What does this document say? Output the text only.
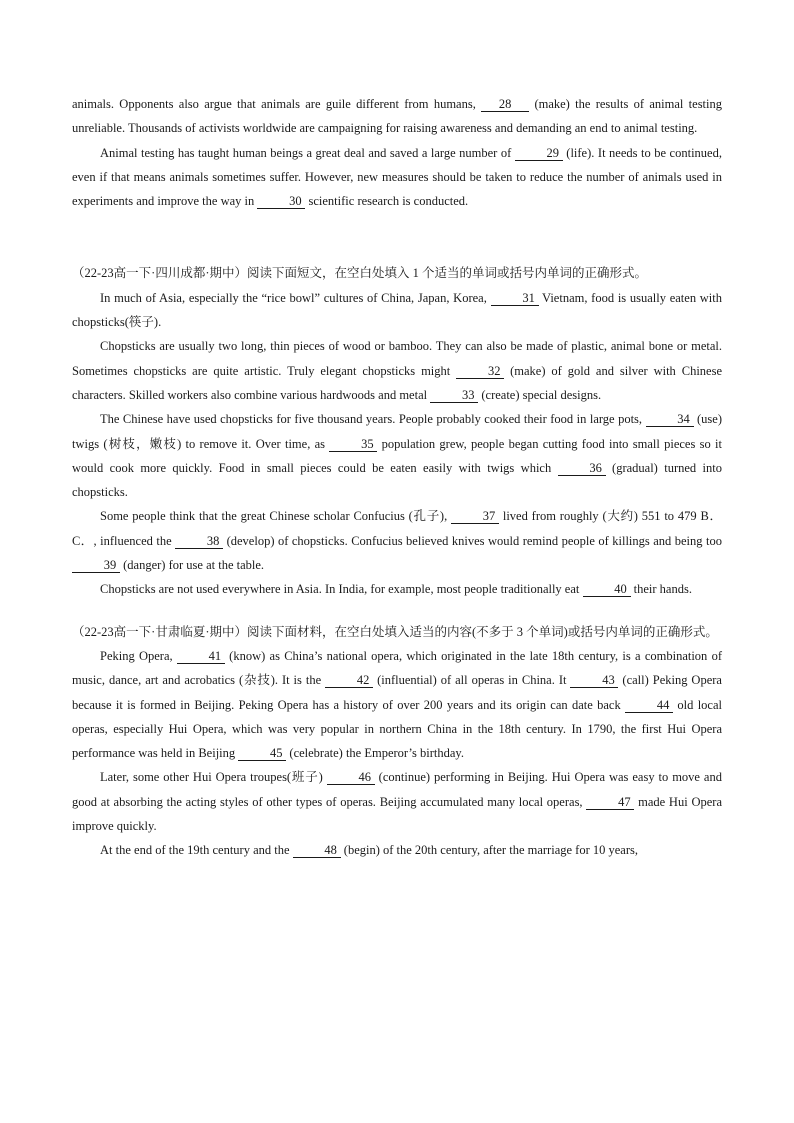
animals. Opponents also argue that animals are guile different from humans, 28 (make) the results of animal testing unreliable. Thousands of activists worldwide are campaigning for raising awareness and demanding an end to animal testing.

Animal testing has taught human beings a great deal and saved a large number of	29 (life). It needs to be continued, even if that means animals sometimes suffer. However, new measures should be taken to reduce the number of animals used in experiments and improve the way in	30 scientific research is conducted.

（22-23高一下·四川成都·期中）阅读下面短文，在空白处填入 1 个适当的单词或括号内单词的正确形式。

In much of Asia, especially the “rice bowl” cultures of China, Japan, Korea,	31 Vietnam, food is usually eaten with chopsticks(筷子).

Chopsticks are usually two long, thin pieces of wood or bamboo. They can also be made of plastic, animal bone or metal. Sometimes chopsticks are quite artistic. Truly elegant chopsticks might	32 (make) of gold and silver with Chinese characters. Skilled workers also combine various hardwoods and metal	33 (create) special designs.

The Chinese have used chopsticks for five thousand years. People probably cooked their food in large pots,	34 (use) twigs (树枝，嫩枝) to remove it. Over time, as	35 population grew, people began cutting food into small pieces so it would cook more quickly. Food in small pieces could be eaten easily with twigs which	36 (gradual) turned into chopsticks.

Some people think that the great Chinese scholar Confucius (孔子),	37 lived from roughly (大约) 551 to 479 B．C．, influenced the	38 (develop) of chopsticks. Confucius believed knives would remind people of killings and being too 39 (danger) for use at the table.

Chopsticks are not used everywhere in Asia. In India, for example, most people traditionally eat	40 their hands.

（22-23高一下·甘肃临夏·期中）阅读下面材料，在空白处填入适当的内容(不多于 3 个单词)或括号内单词的正确形式。

Peking Opera,	41 (know) as China’s national opera, which originated in the late 18th century, is a combination of music, dance, art and acrobatics (杂技). It is the	42 (influential) of all operas in China. It	43 (call) Peking Opera because it is formed in Beijing. Peking Opera has a history of over 200 years and its origin can date back	44 old local operas, especially Hui Opera, which was very popular in northern China in the 18th century. In 1790, the first Hui Opera performance was held in Beijing	45 (celebrate) the Emperor’s birthday.

Later, some other Hui Opera troupes(班子)	46 (continue) performing in Beijing. Hui Opera was easy to move and good at absorbing the acting styles of other types of operas. Beijing accumulated many local operas,	47 made Hui Opera improve quickly.

At the end of the 19th century and the	48 (begin) of the 20th century, after the marriage for 10 years,
